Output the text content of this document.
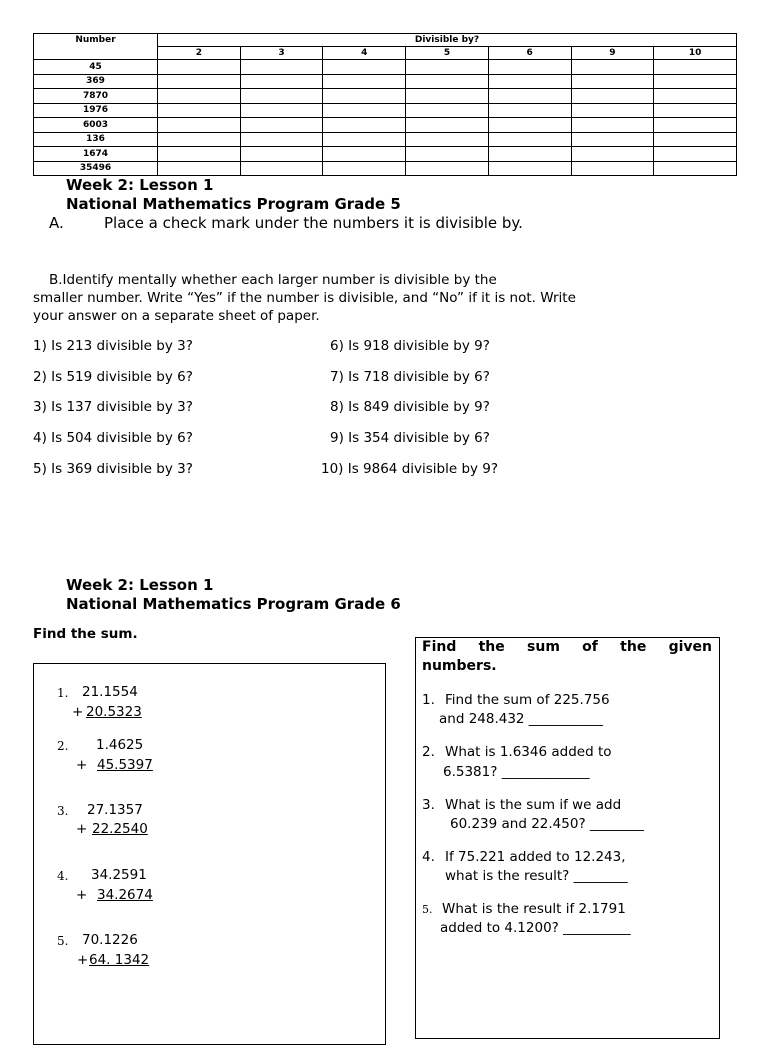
Number	Divisible by?						
	2	3	4	5	6	9	10
45							
369							
7870							
1976							
6003							
136							
1674							
35496							
Week 2: Lesson 1
National Mathematics Program Grade 5
A.	Place a check mark under the numbers it is divisible by.
B.Identify mentally whether each larger number is divisible by the
smaller number. Write “Yes” if the number is divisible, and “No” if it is not. Write
your answer on a separate sheet of paper.
1) Is 213 divisible by 3?
2) Is 519 divisible by 6?
3) Is 137 divisible by 3?
4) Is 504 divisible by 6?
5) Is 369 divisible by 3?
6) Is 918 divisible by 9?
7) Is 718 divisible by 6?
8) Is 849 divisible by 9?
9) Is 354 divisible by 6?
10) Is 9864 divisible by 9?
Week 2: Lesson 1
National Mathematics Program Grade 6
Find the sum.
1. 21.1554
+ 20.5323
2. 1.4625
+ 45.5397
3. 27.1357
+ 22.2540
4. 34.2591
+ 34.2674
5. 70.1226
+ 64. 1342
Find the sum of the given
numbers.
1. Find the sum of 225.756
and 248.432 ___________
2. What is 1.6346 added to
6.5381? _____________
3. What is the sum if we add
60.239 and 22.450? ________
4. If 75.221 added to 12.243,
what is the result? ________
5. What is the result if 2.1791
added to 4.1200? __________
